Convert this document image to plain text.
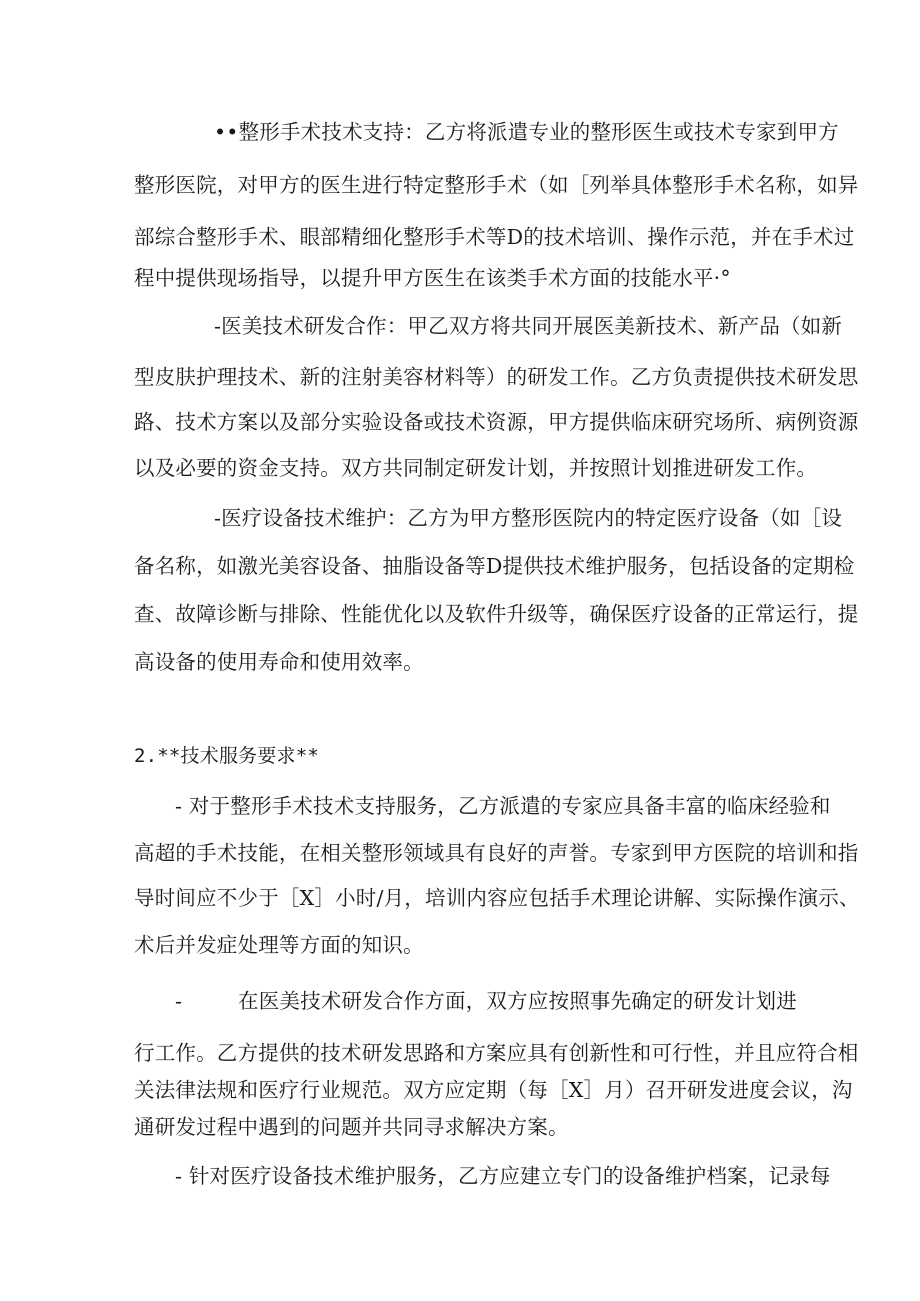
••整形手术技术支持：乙方将派遣专业的整形医生或技术专家到甲方
整形医院，对甲方的医生进行特定整形手术（如［列举具体整形手术名称，如异
部综合整形手术、眼部精细化整形手术等D的技术培训、操作示范，并在手术过
程中提供现场指导，以提升甲方医生在该类手术方面的技能水平·°
-医美技术研发合作：甲乙双方将共同开展医美新技术、新产品（如新
型皮肤护理技术、新的注射美容材料等）的研发工作。乙方负责提供技术研发思
路、技术方案以及部分实验设备或技术资源，甲方提供临床研究场所、病例资源
以及必要的资金支持。双方共同制定研发计划，并按照计划推进研发工作。
-医疗设备技术维护：乙方为甲方整形医院内的特定医疗设备（如［设
备名称，如激光美容设备、抽脂设备等D提供技术维护服务，包括设备的定期检
查、故障诊断与排除、性能优化以及软件升级等，确保医疗设备的正常运行，提
高设备的使用寿命和使用效率。
2.**技术服务要求**
- 对于整形手术技术支持服务，乙方派遣的专家应具备丰富的临床经验和
高超的手术技能，在相关整形领域具有良好的声誉。专家到甲方医院的培训和指
导时间应不少于［X］小时/月，培训内容应包括手术理论讲解、实际操作演示、
术后并发症处理等方面的知识。
-	在医美技术研发合作方面，双方应按照事先确定的研发计划进
行工作。乙方提供的技术研发思路和方案应具有创新性和可行性，并且应符合相
关法律法规和医疗行业规范。双方应定期（每［X］月）召开研发进度会议，沟
通研发过程中遇到的问题并共同寻求解决方案。
- 针对医疗设备技术维护服务，乙方应建立专门的设备维护档案，记录每
